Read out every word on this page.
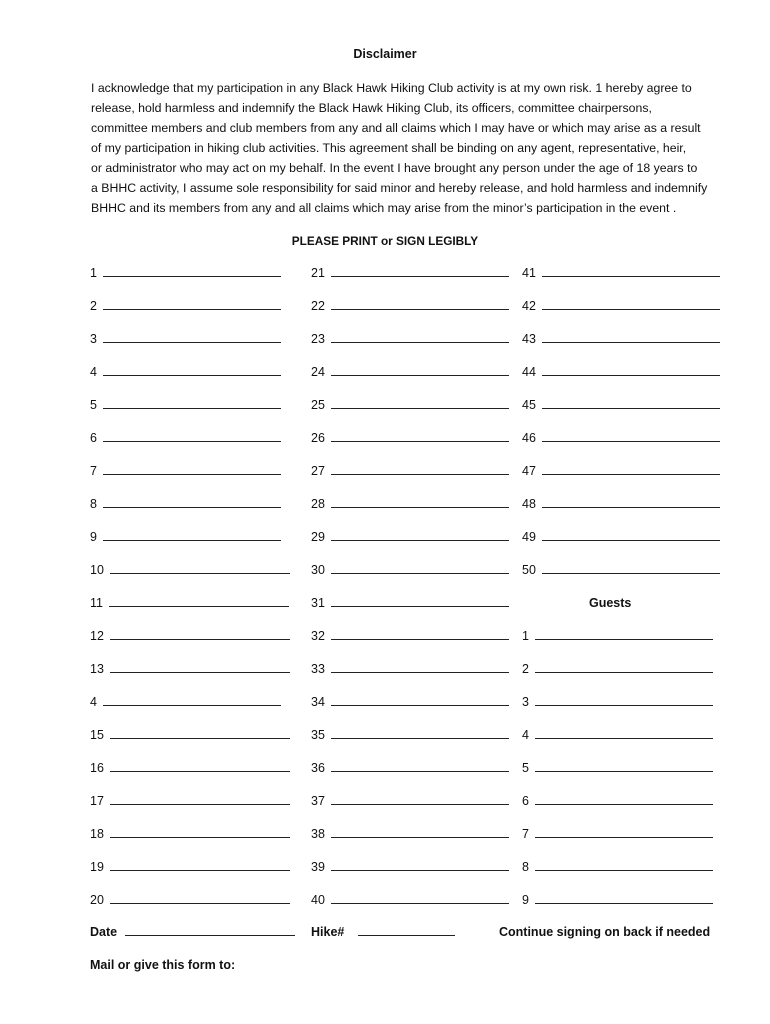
Disclaimer
I acknowledge that my participation in any Black Hawk Hiking Club activity is at my own risk. 1 hereby agree to
release, hold harmless and indemnify the Black Hawk Hiking Club, its officers, committee chairpersons,
committee members and club members from any and all claims which I may have or which may arise as a result
of my participation in hiking club activities. This agreement shall be binding on any agent, representative, heir,
or administrator who may act on my behalf. In the event I have brought any person under the age of 18 years to
a BHHC activity, I assume sole responsibility for said minor and hereby release, and hold harmless and indemnify
BHHC and its members from any and all claims which may arise from the minor’s participation in the event .
PLEASE PRINT or SIGN LEGIBLY
1
2
3
4
5
6
7
8
9
10
11
12
13
4
15
16
17
18
19
20
21
22
23
24
25
26
27
28
29
30
31
32
33
34
35
36
37
38
39
40
41
42
43
44
45
46
47
48
49
50
1
2
3
4
5
6
7
8
9
Guests
Date	Hike#	Continue signing on back if needed
Mail or give this form to:
